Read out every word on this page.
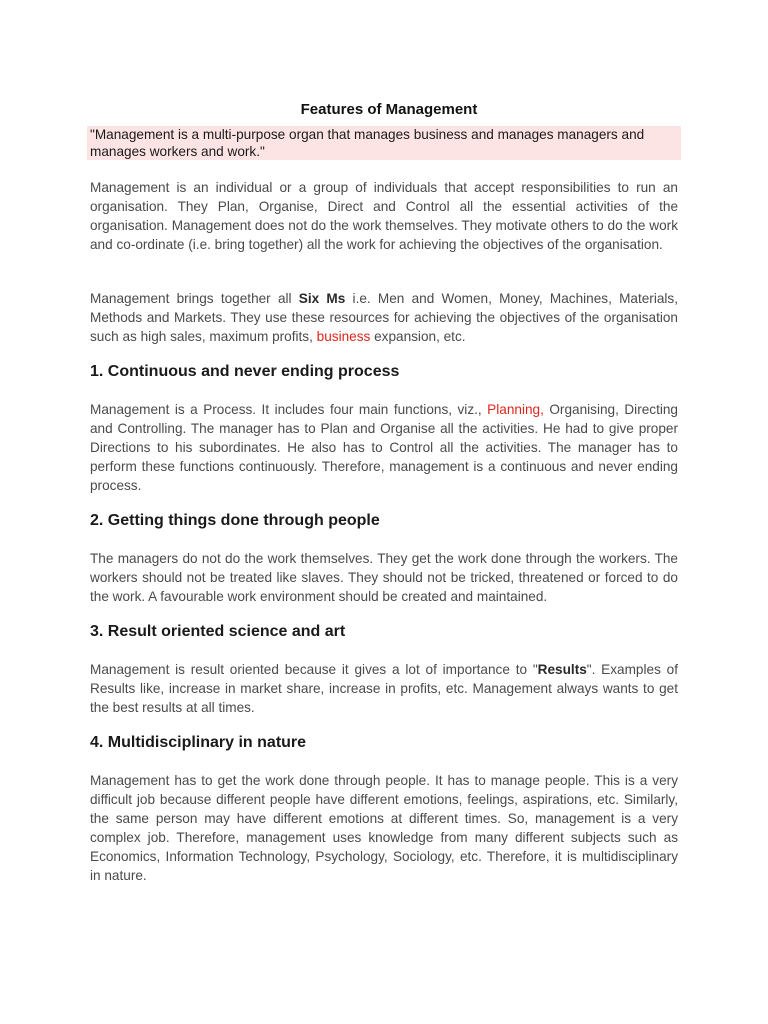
Features of Management
"Management is a multi-purpose organ that manages business and manages managers and manages workers and work."

Management is an individual or a group of individuals that accept responsibilities to run an organisation. They Plan, Organise, Direct and Control all the essential activities of the organisation. Management does not do the work themselves. They motivate others to do the work and co-ordinate (i.e. bring together) all the work for achieving the objectives of the organisation.

Management brings together all Six Ms i.e. Men and Women, Money, Machines, Materials, Methods and Markets. They use these resources for achieving the objectives of the organisation such as high sales, maximum profits, business expansion, etc.

1. Continuous and never ending process

Management is a Process. It includes four main functions, viz., Planning, Organising, Directing and Controlling. The manager has to Plan and Organise all the activities. He had to give proper Directions to his subordinates. He also has to Control all the activities. The manager has to perform these functions continuously. Therefore, management is a continuous and never ending process.

2. Getting things done through people

The managers do not do the work themselves. They get the work done through the workers. The workers should not be treated like slaves. They should not be tricked, threatened or forced to do the work. A favourable work environment should be created and maintained.

3. Result oriented science and art

Management is result oriented because it gives a lot of importance to "Results". Examples of Results like, increase in market share, increase in profits, etc. Management always wants to get the best results at all times.

4. Multidisciplinary in nature

Management has to get the work done through people. It has to manage people. This is a very difficult job because different people have different emotions, feelings, aspirations, etc. Similarly, the same person may have different emotions at different times. So, management is a very complex job. Therefore, management uses knowledge from many different subjects such as Economics, Information Technology, Psychology, Sociology, etc. Therefore, it is multidisciplinary in nature.
